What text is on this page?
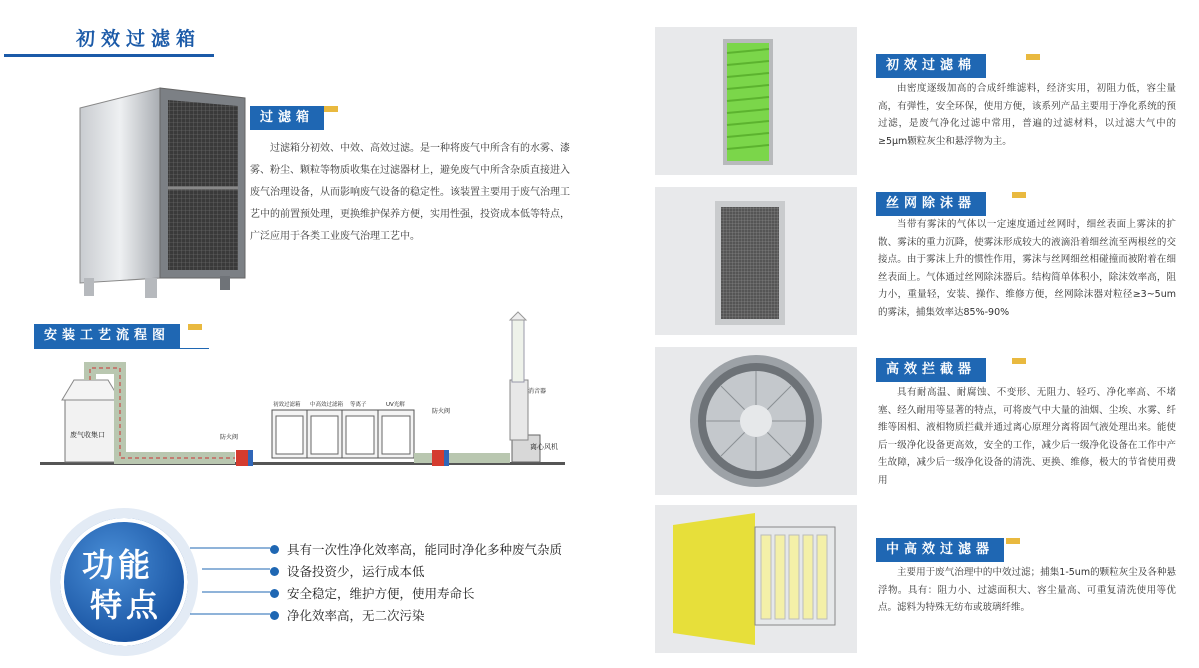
初效过滤箱
过滤箱
过滤箱分初效、中效、高效过滤。是一种将废气中所含有的水雾、漆雾、粉尘、颗粒等物质收集在过滤器材上，避免废气中所含杂质直接进入废气治理设备，从而影响废气设备的稳定性。该装置主要用于废气治理工艺中的前置预处理，更换维护保养方便，实用性强，投资成本低等特点，广泛应用于各类工业废气治理工艺中。
安装工艺流程图
废气收集口	防火阀
初效过滤箱 中高效过滤箱 等离子	UV光解
防火阀
消音器
离心风机
功能
特点
具有一次性净化效率高，能同时净化多种废气杂质
设备投资少，运行成本低
安全稳定，维护方便，使用寿命长
净化效率高，无二次污染
初效过滤棉
由密度逐级加高的合成纤维滤料，经济实用，初阻力低，容尘量高，有弹性，安全环保，使用方便，该系列产品主要用于净化系统的预过滤，是废气净化过滤中常用，普遍的过滤材料，以过滤大气中的≥5μm颗粒灰尘和悬浮物为主。
丝网除沫器
当带有雾沫的气体以一定速度通过丝网时，细丝表面上雾沫的扩散、雾沫的重力沉降，使雾沫形成较大的液滴沿着细丝流至两根丝的交接点。由于雾沫上升的惯性作用，雾沫与丝网细丝相碰撞而被附着在细丝表面上。气体通过丝网除沫器后。结构简单体积小，除沫效率高，阻力小，重量轻，安装、操作、维修方便，丝网除沫器对粒径≥3~5um的雾沫，捕集效率达85%-90%
高效拦截器
具有耐高温、耐腐蚀、不变形、无阻力、轻巧、净化率高、不堵塞、经久耐用等显著的特点，可将废气中大量的油烟、尘埃、水雾、纤维等困相、液相物质拦截并通过离心原理分离将固气液处理出来。能使后一级净化设备更高效，安全的工作，减少后一级净化设备在工作中产生故障，减少后一级净化设备的清洗、更换、维修，极大的节省使用费用
中高效过滤器
主要用于废气治理中的中效过滤；捕集1-5um的颗粒灰尘及各种悬浮物。具有：阻力小、过滤面积大、容尘量高、可重复清洗使用等优点。滤料为特殊无纺布或玻璃纤维。
